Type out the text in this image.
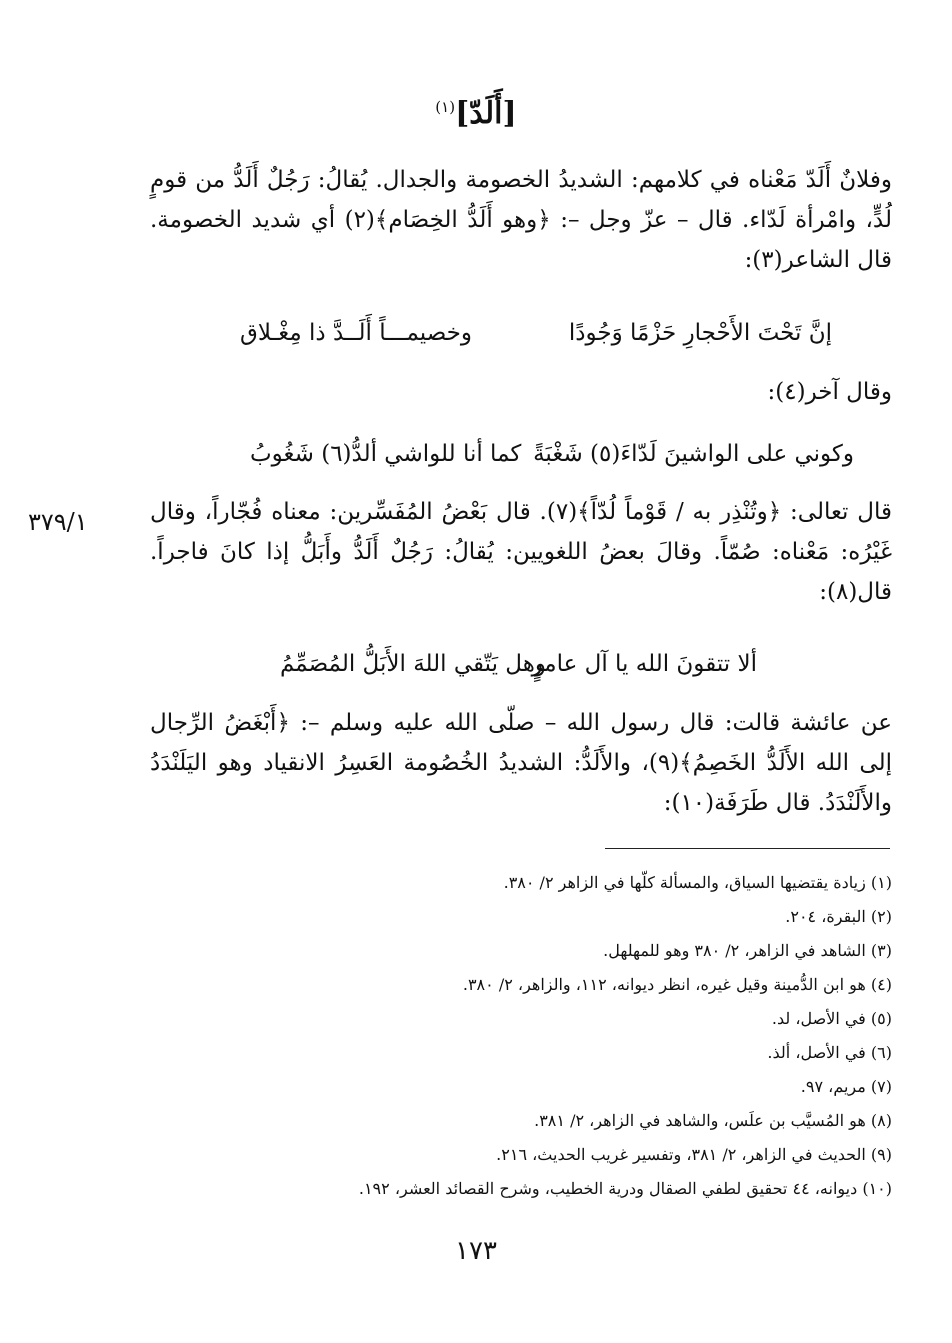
[أَلَدّ]$^{(١)}$
وفلانٌ أَلَدّ مَعْناه في كلامهم: الشديدُ الخصومة والجدال. يُقالُ: رَجُلٌ أَلَدُّ من قومٍ لُدٍّ، وامْرأة لَدّاء. قال – عزّ وجل –: ﴿وهو أَلَدُّ الخِصَام﴾(٢) أي شديد الخصومة. قال الشاعر(٣):
إنَّ تَحْتَ الأَحْجارِ حَزْمًا وَجُودًا
وخصيمـــاً أَلَــدَّ ذا مِغْـلاق
وقال آخر(٤):
وكوني على الواشينَ لَدّاءَ(٥) شَغْبَةً
كما أنا للواشي ألدُّ(٦) شَغُوبُ
٣٧٩/١	قال تعالى: ﴿وتُنْذِر به / قَوْماً لُدّاً﴾(٧). قال بَعْضُ المُفَسِّرين: معناه فُجّاراً، وقال غَيْرُه: مَعْناه: صُمّاً. وقالَ بعضُ اللغويين: يُقالُ: رَجُلٌ أَلَدُّ وأَبَلُّ إذا كانَ فاجراً. قال(٨):
ألا تتقونَ الله يا آل عامرٍ
وهل يَتّقي اللهَ الأَبَلُّ المُصَمِّمُ
عن عائشة قالت: قال رسول الله – صلّى الله عليه وسلم –: ﴿أَبْغَضُ الرِّجال إلى الله الأَلَدُّ الخَصِمُ﴾(٩)، والأَلَدُّ: الشديدُ الخُصُومة العَسِرُ الانقياد وهو اليَلَنْدَدُ والأَلَنْدَدُ. قال طَرَفَة(١٠):
(١) زيادة يقتضيها السياق، والمسألة كلّها في الزاهر ٢/ ٣٨٠.
(٢) البقرة، ٢٠٤.
(٣) الشاهد في الزاهر، ٢/ ٣٨٠ وهو للمهلهل.
(٤) هو ابن الدُّمينة وقيل غيره، انظر ديوانه، ١١٢، والزاهر، ٢/ ٣٨٠.
(٥) في الأصل، لد.
(٦) في الأصل، ألذ.
(٧) مريم، ٩٧.
(٨) هو المُسيَّب بن علَس، والشاهد في الزاهر، ٢/ ٣٨١.
(٩) الحديث في الزاهر، ٢/ ٣٨١، وتفسير غريب الحديث، ٢١٦.
(١٠) ديوانه، ٤٤ تحقيق لطفي الصقال ودرية الخطيب، وشرح القصائد العشر، ١٩٢.
١٧٣
